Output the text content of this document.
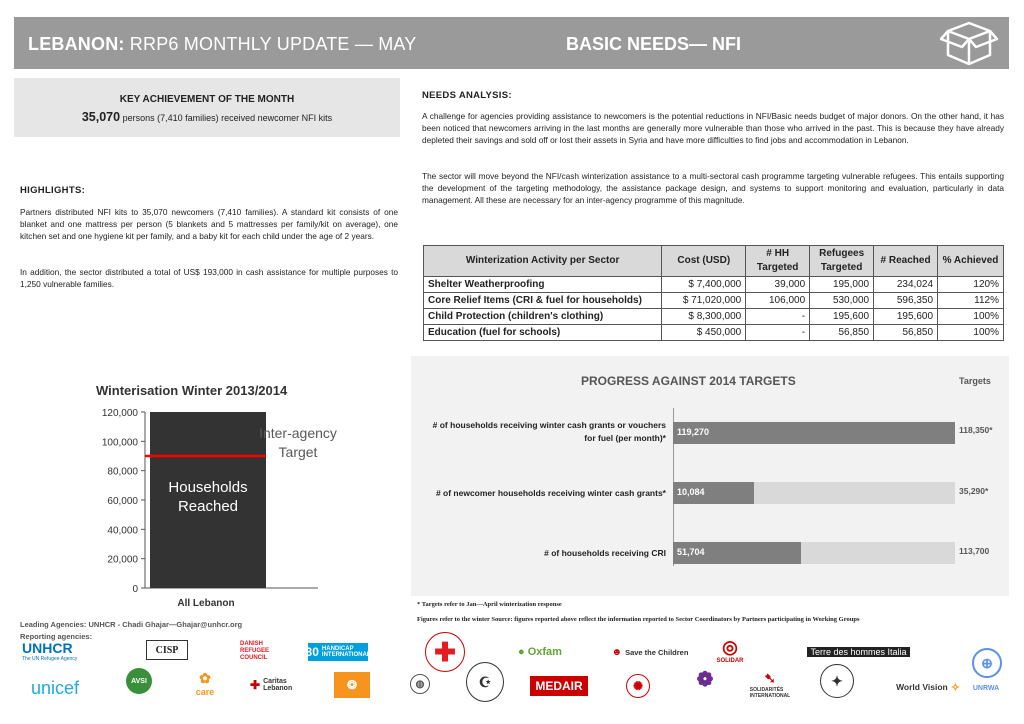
LEBANON: RRP6 MONTHLY UPDATE — MAY	BASIC NEEDS— NFI
KEY ACHIEVEMENT OF THE MONTH
35,070 persons (7,410 families) received newcomer NFI kits
HIGHLIGHTS:
Partners distributed NFI kits to 35,070 newcomers (7,410 families). A standard kit consists of one blanket and one mattress per person (5 blankets and 5 mattresses per family/kit on average), one kitchen set and one hygiene kit per family, and a baby kit for each child under the age of 2 years.
In addition, the sector distributed a total of US$ 193,000 in cash assistance for multiple purposes to 1,250 vulnerable families.
NEEDS ANALYSIS:
A challenge for agencies providing assistance to newcomers is the potential reductions in NFI/Basic needs budget of major donors. On the other hand, it has been noticed that newcomers arriving in the last months are generally more vulnerable than those who arrived in the past. This is because they have already depleted their savings and sold off or lost their assets in Syria and have more difficulties to find jobs and accommodation in Lebanon.
The sector will move beyond the NFI/cash winterization assistance to a multi-sectoral cash programme targeting vulnerable refugees. This entails supporting the development of the targeting methodology, the assistance package design, and systems to support monitoring and evaluation, particularly in data management. All these are necessary for an inter-agency programme of this magnitude.
Winterization Activity per Sector	Cost (USD)	# HH Targeted	Refugees Targeted	# Reached	% Achieved
Shelter Weatherproofing	$ 7,400,000	39,000	195,000	234,024	120%
Core Relief Items (CRI & fuel for households)	$ 71,020,000	106,000	530,000	596,350	112%
Child Protection (children's clothing)	$ 8,300,000	-	195,600	195,600	100%
Education (fuel for schools)	$ 450,000	-	56,850	56,850	100%
Winterisation Winter 2013/2014
120,000
100,000
80,000
60,000
40,000
20,000
0
Households
Reached
Inter-agency
Target
All Lebanon
PROGRESS AGAINST 2014 TARGETS	Targets
# of households receiving winter cash grants or vouchers for fuel (per month)*
119,270	118,350*
# of newcomer households receiving winter cash grants* 10,084	35,290*
# of households receiving CRI 51,704	113,700
* Targets refer to Jan—April winterization response
Figures refer to the winter Source: figures reported above reflect the information reported to Sector Coordinators by Partners participating in Working Groups
Leading Agencies: UNHCR - Chadi Ghajar—Ghajar@unhcr.org
Reporting agencies:
UNHCR
The UN Refugee Agency
CISP
DANISH REFUGEE COUNCIL	30 HANDICAP INTERNATIONAL	✚	● Oxfam	☻ Save the Children ◎
SOLIDAR
Terre des hommes Italia
⊕
unicef	AVSI	✿
care	✚ Caritas Lebanon	❂	◍	☪	MEDAIR	✺	❁	➷
SOLIDARITÉS INTERNATIONAL
✦	World Vision ✧	UNRWA
